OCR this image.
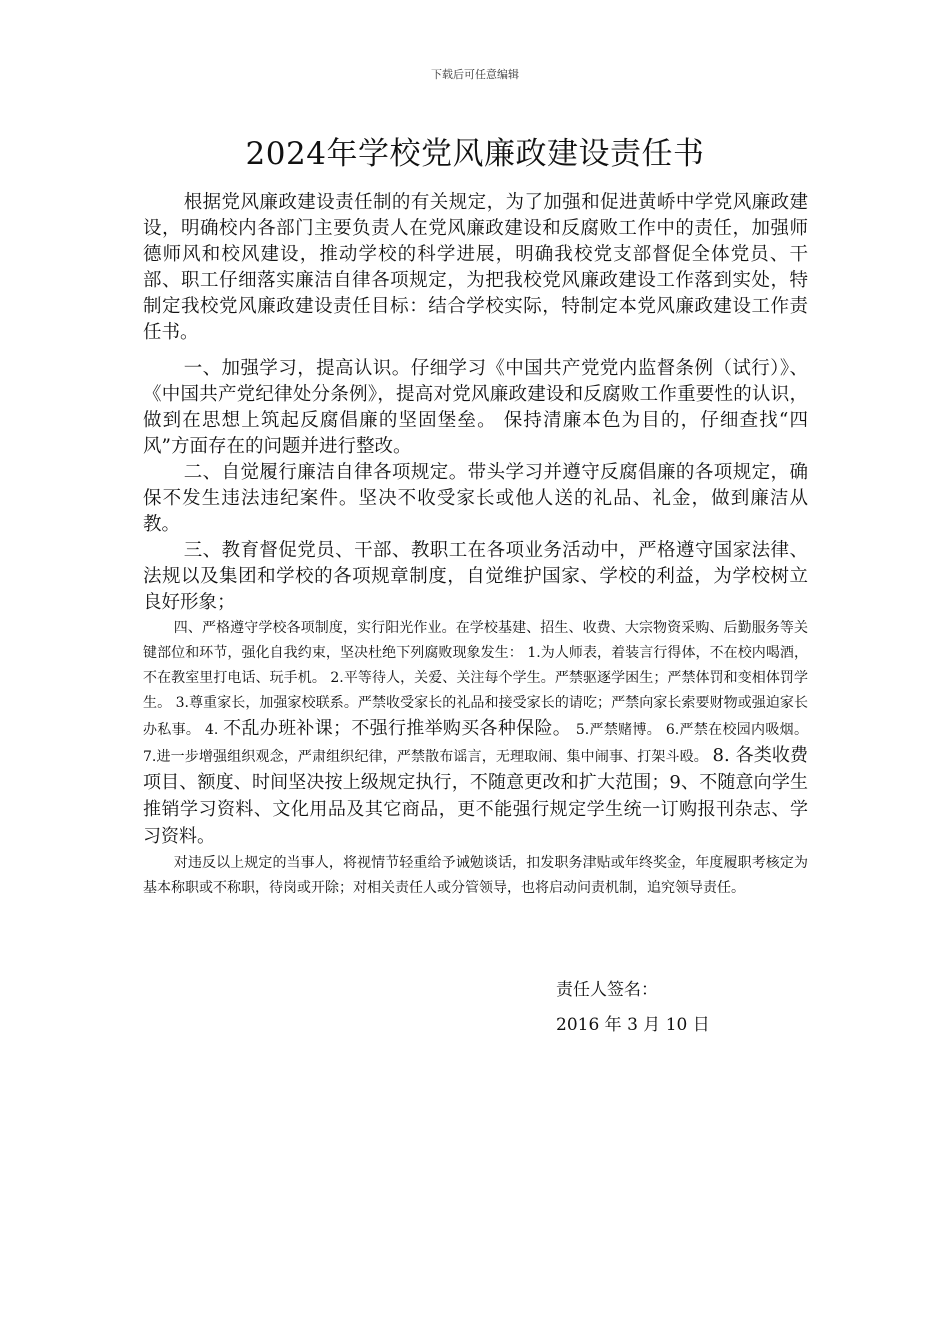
下载后可任意编辑
2024年学校党风廉政建设责任书

根据党风廉政建设责任制的有关规定，为了加强和促进黄峤中学党风廉政建设，明确校内各部门主要负责人在党风廉政建设和反腐败工作中的责任，加强师德师风和校风建设，推动学校的科学进展，明确我校党支部督促全体党员、干部、职工仔细落实廉洁自律各项规定，为把我校党风廉政建设工作落到实处，特制定我校党风廉政建设责任目标：结合学校实际，特制定本党风廉政建设工作责任书。

一、加强学习，提高认识。仔细学习《中国共产党党内监督条例（试行）》、《中国共产党纪律处分条例》，提高对党风廉政建设和反腐败工作重要性的认识，做到在思想上筑起反腐倡廉的坚固堡垒。 保持清廉本色为目的，仔细查找“四风”方面存在的问题并进行整改。

二、自觉履行廉洁自律各项规定。带头学习并遵守反腐倡廉的各项规定，确保不发生违法违纪案件。坚决不收受家长或他人送的礼品、礼金，做到廉洁从教。

三、教育督促党员、干部、教职工在各项业务活动中，严格遵守国家法律、法规以及集团和学校的各项规章制度，自觉维护国家、学校的利益，为学校树立良好形象；

四、严格遵守学校各项制度，实行阳光作业。在学校基建、招生、收费、大宗物资采购、后勤服务等关键部位和环节，强化自我约束，坚决杜绝下列腐败现象发生： 1.为人师表，着装言行得体，不在校内喝酒，不在教室里打电话、玩手机。 2.平等待人，关爱、关注每个学生。严禁驱逐学困生；严禁体罚和变相体罚学生。 3.尊重家长，加强家校联系。严禁收受家长的礼品和接受家长的请吃；严禁向家长索要财物或强迫家长办私事。 4. 不乱办班补课；不强行推举购买各种保险。 5.严禁赌博。 6.严禁在校园内吸烟。 7.进一步增强组织观念，严肃组织纪律，严禁散布谣言，无理取闹、集中闹事、打架斗殴。 8. 各类收费项目、额度、时间坚决按上级规定执行，不随意更改和扩大范围；9、不随意向学生推销学习资料、文化用品及其它商品，更不能强行规定学生统一订购报刊杂志、学习资料。

对违反以上规定的当事人，将视情节轻重给予诫勉谈话，扣发职务津贴或年终奖金，年度履职考核定为基本称职或不称职，待岗或开除；对相关责任人或分管领导，也将启动问责机制，追究领导责任。

责任人签名：
2016 年 3 月 10 日
